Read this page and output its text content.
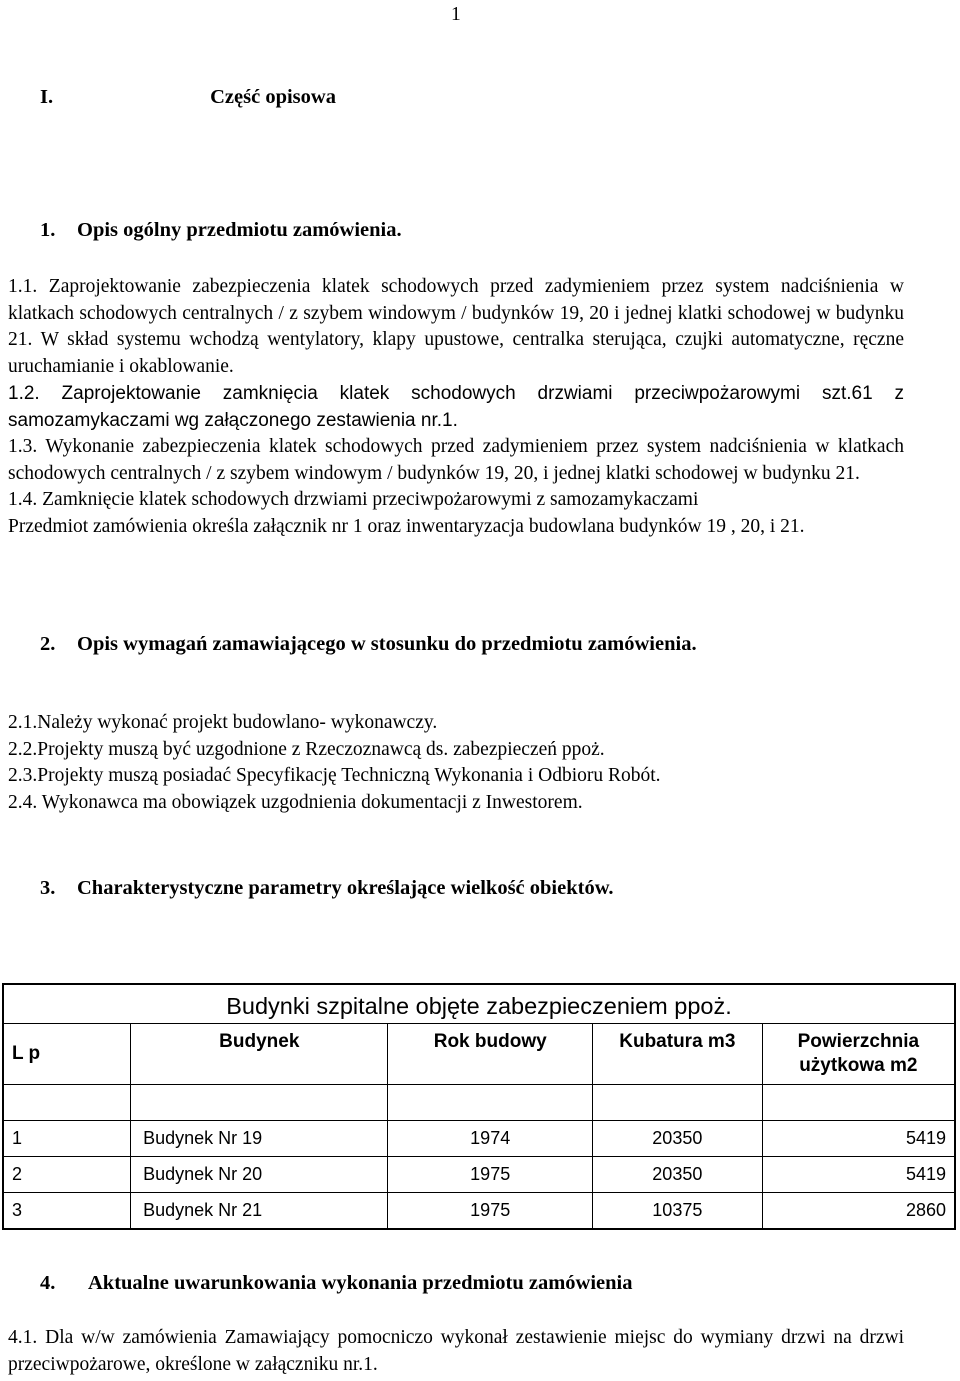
1
I.	Część opisowa
1. Opis ogólny przedmiotu zamówienia.

1.1. Zaprojektowanie zabezpieczenia klatek schodowych przed zadymieniem przez system nadciśnienia w klatkach schodowych centralnych / z szybem windowym / budynków 19, 20 i jednej klatki schodowej w budynku 21. W skład systemu wchodzą wentylatory, klapy upustowe, centralka sterująca, czujki automatyczne, ręczne uruchamianie i okablowanie.

1.2. Zaprojektowanie zamknięcia klatek schodowych drzwiami przeciwpożarowymi szt.61 z samozamykaczami wg załączonego zestawienia nr.1.

1.3. Wykonanie zabezpieczenia klatek schodowych przed zadymieniem przez system nadciśnienia w klatkach schodowych centralnych / z szybem windowym / budynków 19, 20, i jednej klatki schodowej w budynku 21.

1.4. Zamknięcie klatek schodowych drzwiami przeciwpożarowymi z samozamykaczami

Przedmiot zamówienia określa załącznik nr 1 oraz inwentaryzacja budowlana budynków 19 , 20, i 21.

2. Opis wymagań zamawiającego w stosunku do przedmiotu zamówienia.

2.1.Należy wykonać projekt budowlano- wykonawczy.

2.2.Projekty muszą być uzgodnione z Rzeczoznawcą ds. zabezpieczeń ppoż.

2.3.Projekty muszą posiadać Specyfikację Techniczną Wykonania i Odbioru Robót.

2.4. Wykonawca ma obowiązek uzgodnienia dokumentacji z Inwestorem.

3. Charakterystyczne parametry określające wielkość obiektów.
Budynki szpitalne objęte zabezpieczeniem ppoż.				
L p	Budynek	Rok budowy	Kubatura m3	Powierzchnia użytkowa m2

1	Budynek Nr 19	1974	20350	5419
2	Budynek Nr 20	1975	20350	5419
3	Budynek Nr 21	1975	10375	2860
4. Aktualne uwarunkowania wykonania przedmiotu zamówienia

4.1. Dla w/w zamówienia Zamawiający pomocniczo wykonał zestawienie miejsc do wymiany drzwi na drzwi przeciwpożarowe, określone w załączniku nr.1.
